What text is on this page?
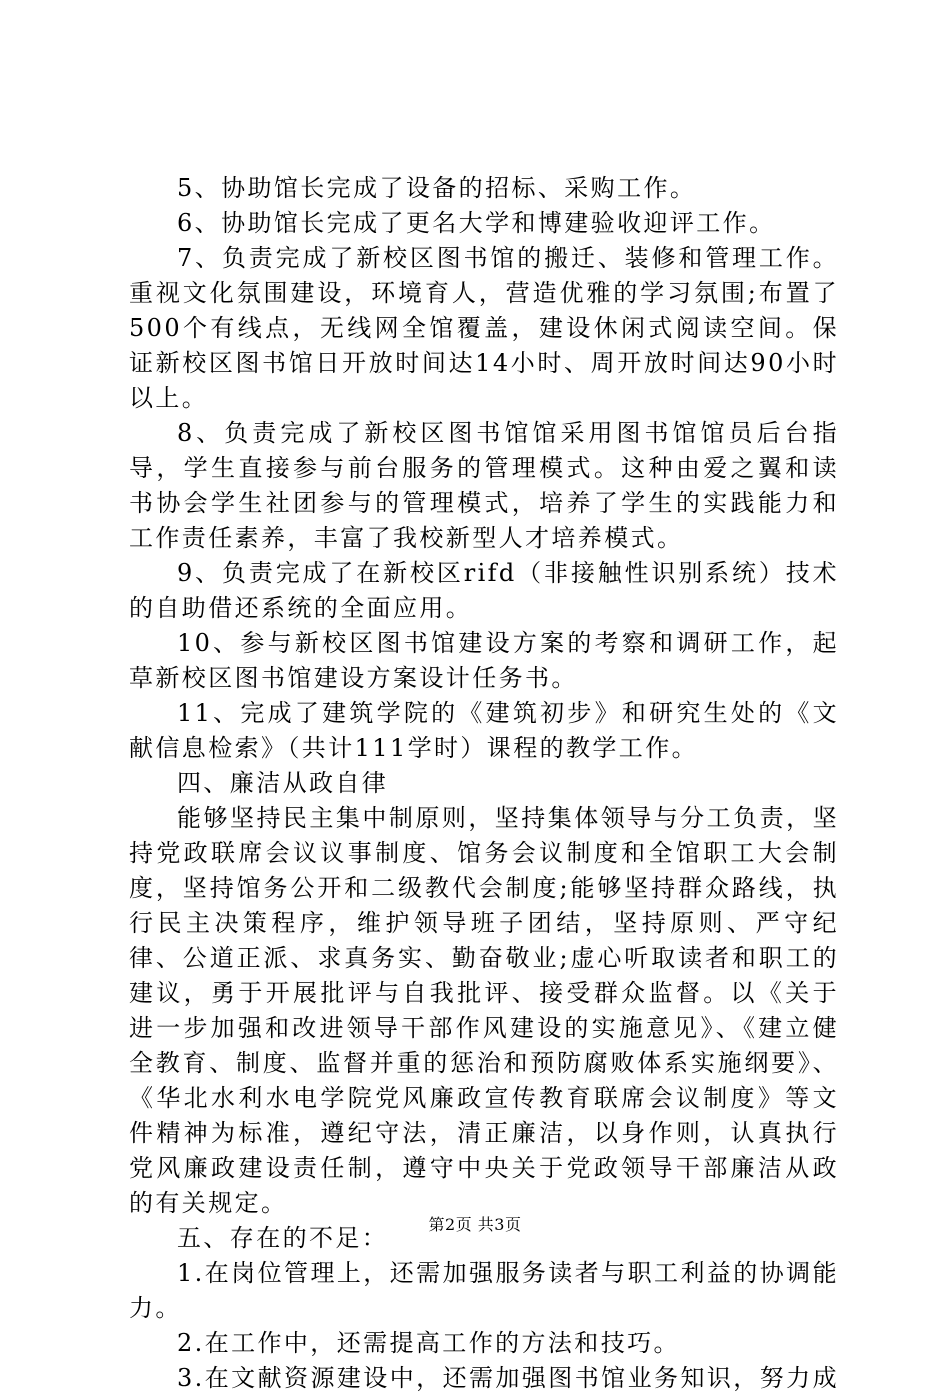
5、协助馆长完成了设备的招标、采购工作。

6、协助馆长完成了更名大学和博建验收迎评工作。

7、负责完成了新校区图书馆的搬迁、装修和管理工作。重视文化氛围建设，环境育人，营造优雅的学习氛围;布置了500个有线点，无线网全馆覆盖，建设休闲式阅读空间。保证新校区图书馆日开放时间达14小时、周开放时间达90小时以上。

8、负责完成了新校区图书馆馆采用图书馆馆员后台指导，学生直接参与前台服务的管理模式。这种由爱之翼和读书协会学生社团参与的管理模式，培养了学生的实践能力和工作责任素养，丰富了我校新型人才培养模式。

9、负责完成了在新校区rifd（非接触性识别系统）技术的自助借还系统的全面应用。

10、参与新校区图书馆建设方案的考察和调研工作，起草新校区图书馆建设方案设计任务书。

11、完成了建筑学院的《建筑初步》和研究生处的《文献信息检索》（共计111学时）课程的教学工作。

四、廉洁从政自律

能够坚持民主集中制原则，坚持集体领导与分工负责，坚持党政联席会议议事制度、馆务会议制度和全馆职工大会制度，坚持馆务公开和二级教代会制度;能够坚持群众路线，执行民主决策程序，维护领导班子团结，坚持原则、严守纪律、公道正派、求真务实、勤奋敬业;虚心听取读者和职工的建议，勇于开展批评与自我批评、接受群众监督。以《关于进一步加强和改进领导干部作风建设的实施意见》、《建立健全教育、制度、监督并重的惩治和预防腐败体系实施纲要》、《华北水利水电学院党风廉政宣传教育联席会议制度》等文件精神为标准，遵纪守法，清正廉洁，以身作则，认真执行党风廉政建设责任制，遵守中央关于党政领导干部廉洁从政的有关规定。

五、存在的不足：

1.在岗位管理上，还需加强服务读者与职工利益的协调能力。

2.在工作中，还需提高工作的方法和技巧。

3.在文献资源建设中，还需加强图书馆业务知识，努力成

第2页 共3页
